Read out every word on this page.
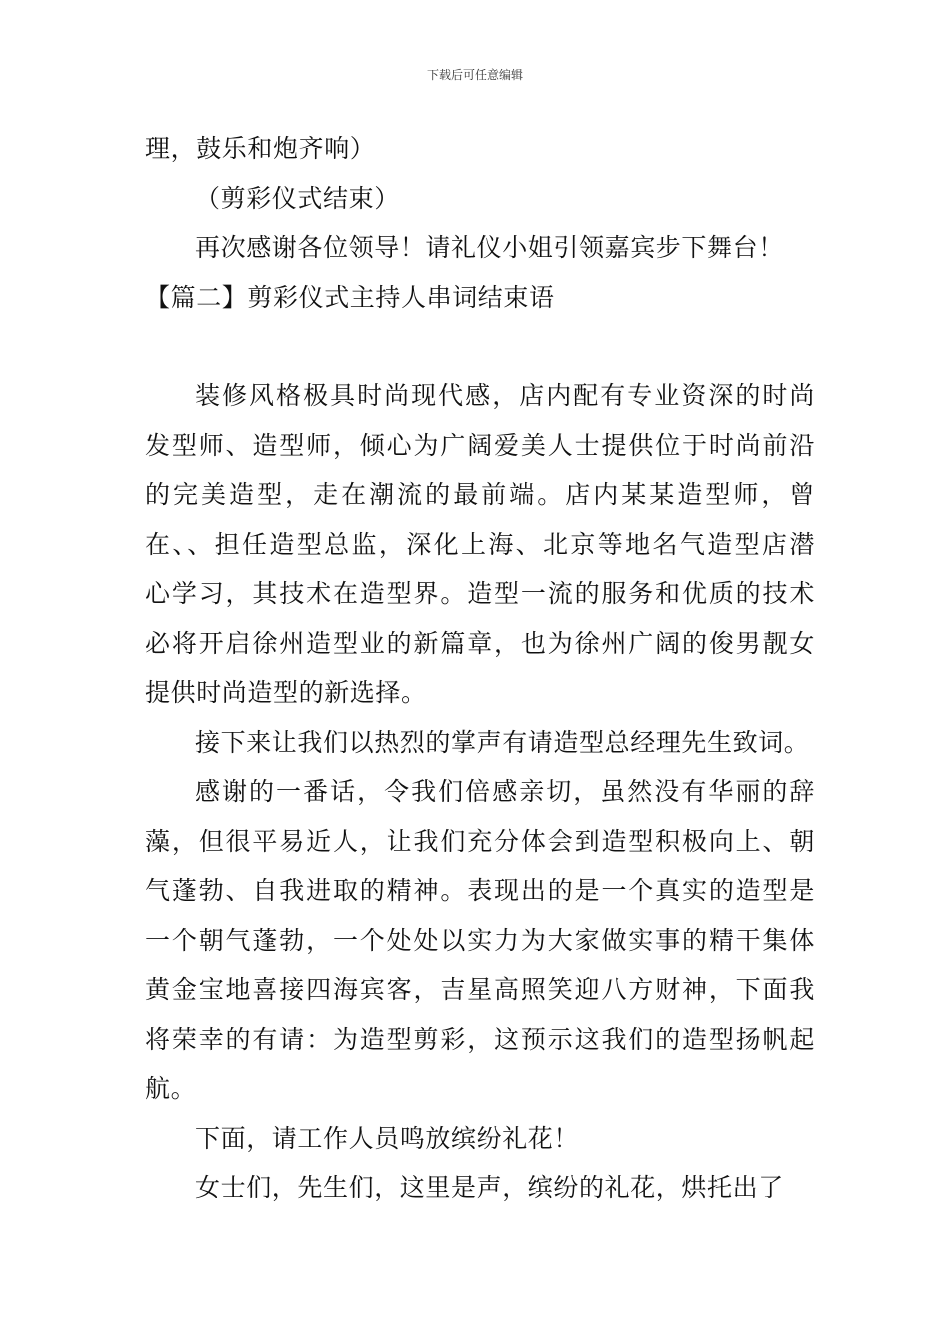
下载后可任意编辑
理，鼓乐和炮齐响）
（剪彩仪式结束）
再次感谢各位领导！请礼仪小姐引领嘉宾步下舞台！
【篇二】剪彩仪式主持人串词结束语
装修风格极具时尚现代感，店内配有专业资深的时尚
发型师、造型师，倾心为广阔爱美人士提供位于时尚前沿
的完美造型，走在潮流的最前端。店内某某造型师，曾
在、、担任造型总监，深化上海、北京等地名气造型店潜
心学习，其技术在造型界。造型一流的服务和优质的技术
必将开启徐州造型业的新篇章，也为徐州广阔的俊男靓女
提供时尚造型的新选择。
接下来让我们以热烈的掌声有请造型总经理先生致词。
感谢的一番话，令我们倍感亲切，虽然没有华丽的辞
藻，但很平易近人，让我们充分体会到造型积极向上、朝
气蓬勃、自我进取的精神。表现出的是一个真实的造型是
一个朝气蓬勃，一个处处以实力为大家做实事的精干集体
黄金宝地喜接四海宾客，吉星高照笑迎八方财神，下面我
将荣幸的有请：为造型剪彩，这预示这我们的造型扬帆起
航。
下面，请工作人员鸣放缤纷礼花！
女士们，先生们，这里是声，缤纷的礼花，烘托出了
